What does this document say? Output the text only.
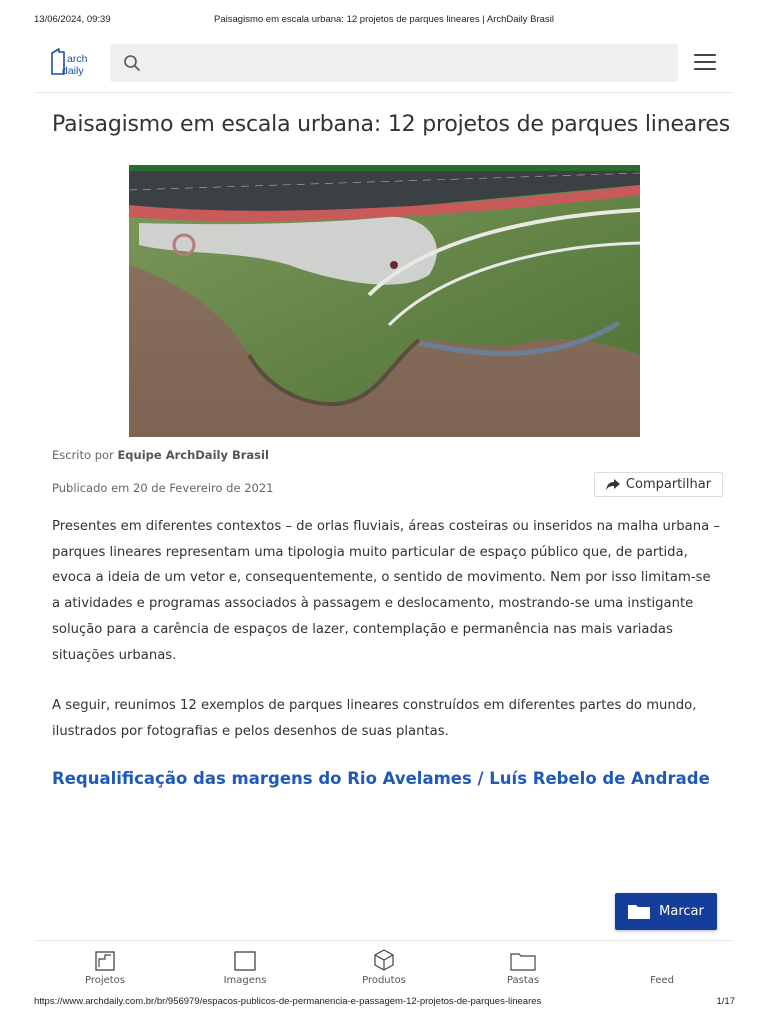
13/06/2024, 09:39	Paisagismo em escala urbana: 12 projetos de parques lineares | ArchDaily Brasil
arch
daily
Paisagismo em escala urbana: 12 projetos de parques lineares
Escrito por Equipe ArchDaily Brasil
Publicado em 20 de Fevereiro de 2021	Compartilhar

Presentes em diferentes contextos – de orlas fluviais, áreas costeiras ou inseridos na malha urbana – parques lineares representam uma tipologia muito particular de espaço público que, de partida, evoca a ideia de um vetor e, consequentemente, o sentido de movimento. Nem por isso limitam-se a atividades e programas associados à passagem e deslocamento, mostrando-se uma instigante solução para a carência de espaços de lazer, contemplação e permanência nas mais variadas situações urbanas.

A seguir, reunimos 12 exemplos de parques lineares construídos em diferentes partes do mundo, ilustrados por fotografias e pelos desenhos de suas plantas.

Requalificação das margens do Rio Avelames / Luís Rebelo de Andrade
Marcar
Projetos	Imagens	Produtos	Pastas	Feed
https://www.archdaily.com.br/br/956979/espacos-publicos-de-permanencia-e-passagem-12-projetos-de-parques-lineares	1/17
